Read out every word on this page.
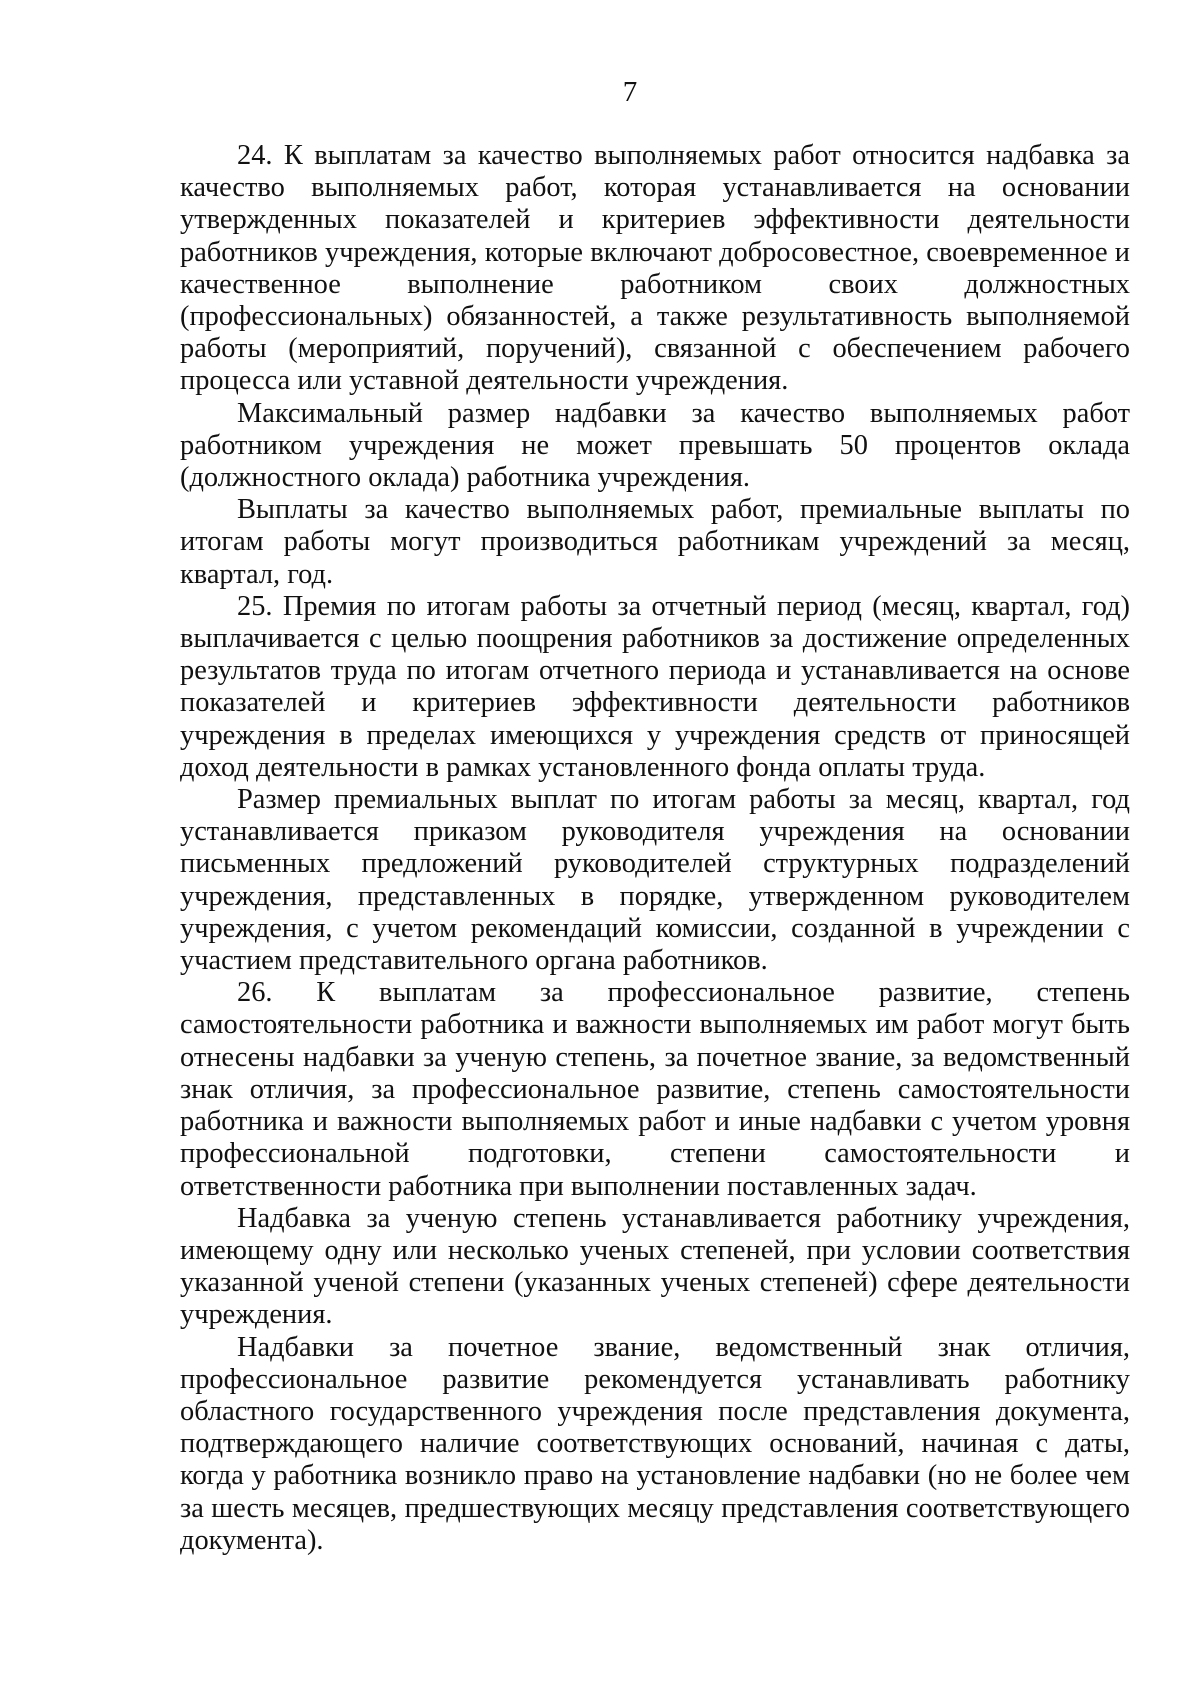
7

24. К выплатам за качество выполняемых работ относится надбавка за качество выполняемых работ, которая устанавливается на основании утвержденных показателей и критериев эффективности деятельности работников учреждения, которые включают добросовестное, своевременное и качественное выполнение работником своих должностных (профессиональных) обязанностей, а также результативность выполняемой работы (мероприятий, поручений), связанной с обеспечением рабочего процесса или уставной деятельности учреждения.

Максимальный размер надбавки за качество выполняемых работ работником учреждения не может превышать 50 процентов оклада (должностного оклада) работника учреждения.

Выплаты за качество выполняемых работ, премиальные выплаты по итогам работы могут производиться работникам учреждений за месяц, квартал, год.

25. Премия по итогам работы за отчетный период (месяц, квартал, год) выплачивается с целью поощрения работников за достижение определенных результатов труда по итогам отчетного периода и устанавливается на основе показателей и критериев эффективности деятельности работников учреждения в пределах имеющихся у учреждения средств от приносящей доход деятельности в рамках установленного фонда оплаты труда.

Размер премиальных выплат по итогам работы за месяц, квартал, год устанавливается приказом руководителя учреждения на основании письменных предложений руководителей структурных подразделений учреждения, представленных в порядке, утвержденном руководителем учреждения, с учетом рекомендаций комиссии, созданной в учреждении с участием представительного органа работников.

26. К выплатам за профессиональное развитие, степень самостоятельности работника и важности выполняемых им работ могут быть отнесены надбавки за ученую степень, за почетное звание, за ведомственный знак отличия, за профессиональное развитие, степень самостоятельности работника и важности выполняемых работ и иные надбавки с учетом уровня профессиональной подготовки, степени самостоятельности и ответственности работника при выполнении поставленных задач.

Надбавка за ученую степень устанавливается работнику учреждения, имеющему одну или несколько ученых степеней, при условии соответствия указанной ученой степени (указанных ученых степеней) сфере деятельности учреждения.

Надбавки за почетное звание, ведомственный знак отличия, профессиональное развитие рекомендуется устанавливать работнику областного государственного учреждения после представления документа, подтверждающего наличие соответствующих оснований, начиная с даты, когда у работника возникло право на установление надбавки (но не более чем за шесть месяцев, предшествующих месяцу представления соответствующего документа).
